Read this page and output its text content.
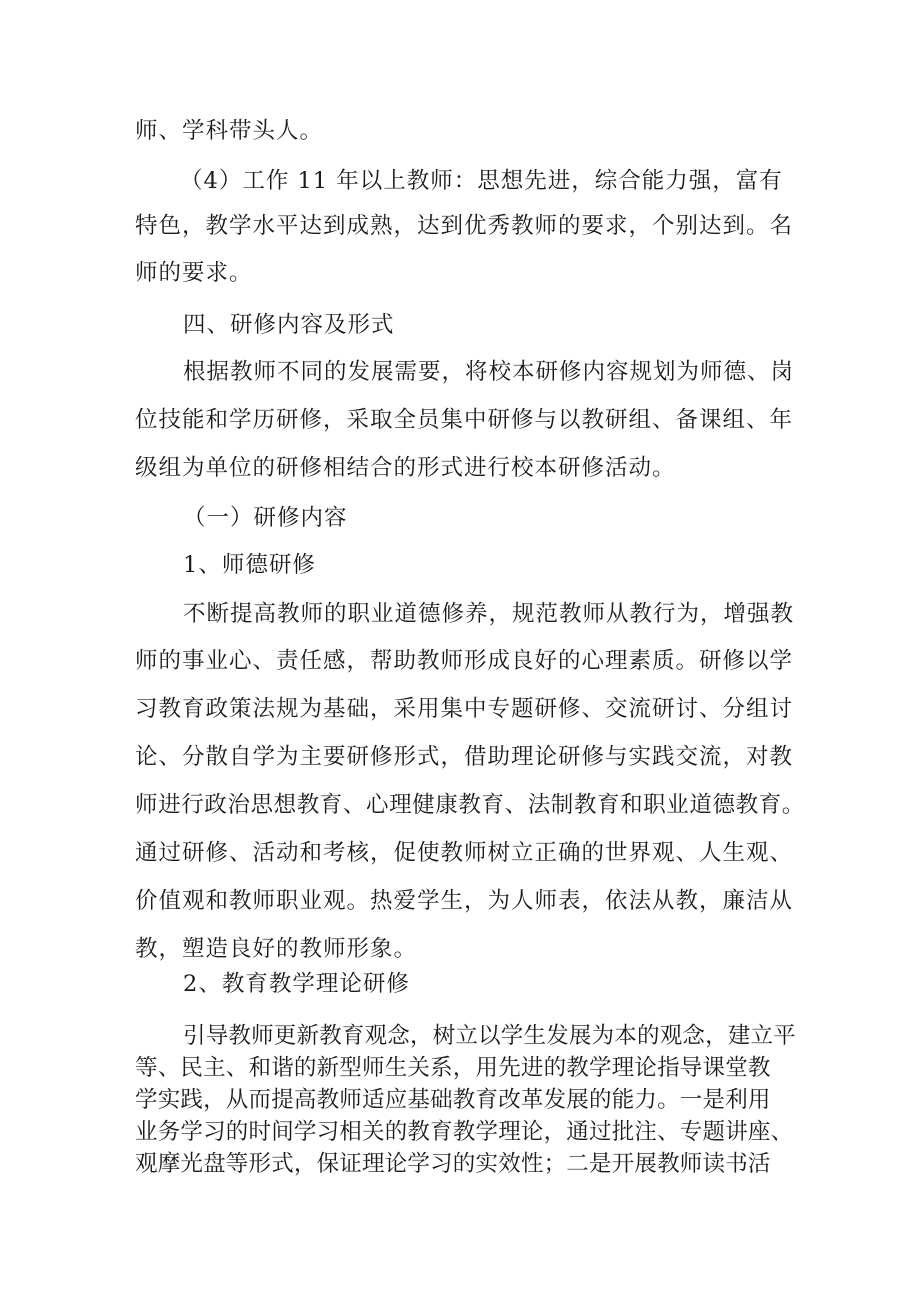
师、学科带头人。
（4）工作 11 年以上教师：思想先进，综合能力强，富有
特色，教学水平达到成熟，达到优秀教师的要求，个别达到。名
师的要求。
四、研修内容及形式
根据教师不同的发展需要，将校本研修内容规划为师德、岗
位技能和学历研修，采取全员集中研修与以教研组、备课组、年
级组为单位的研修相结合的形式进行校本研修活动。
（一）研修内容
1、师德研修
不断提高教师的职业道德修养，规范教师从教行为，增强教
师的事业心、责任感，帮助教师形成良好的心理素质。研修以学
习教育政策法规为基础，采用集中专题研修、交流研讨、分组讨
论、分散自学为主要研修形式，借助理论研修与实践交流，对教
师进行政治思想教育、心理健康教育、法制教育和职业道德教育。
通过研修、活动和考核，促使教师树立正确的世界观、人生观、
价值观和教师职业观。热爱学生，为人师表，依法从教，廉洁从
教，塑造良好的教师形象。
2、教育教学理论研修
引导教师更新教育观念，树立以学生发展为本的观念，建立平
等、民主、和谐的新型师生关系，用先进的教学理论指导课堂教
学实践，从而提高教师适应基础教育改革发展的能力。一是利用
业务学习的时间学习相关的教育教学理论，通过批注、专题讲座、
观摩光盘等形式，保证理论学习的实效性；二是开展教师读书活
